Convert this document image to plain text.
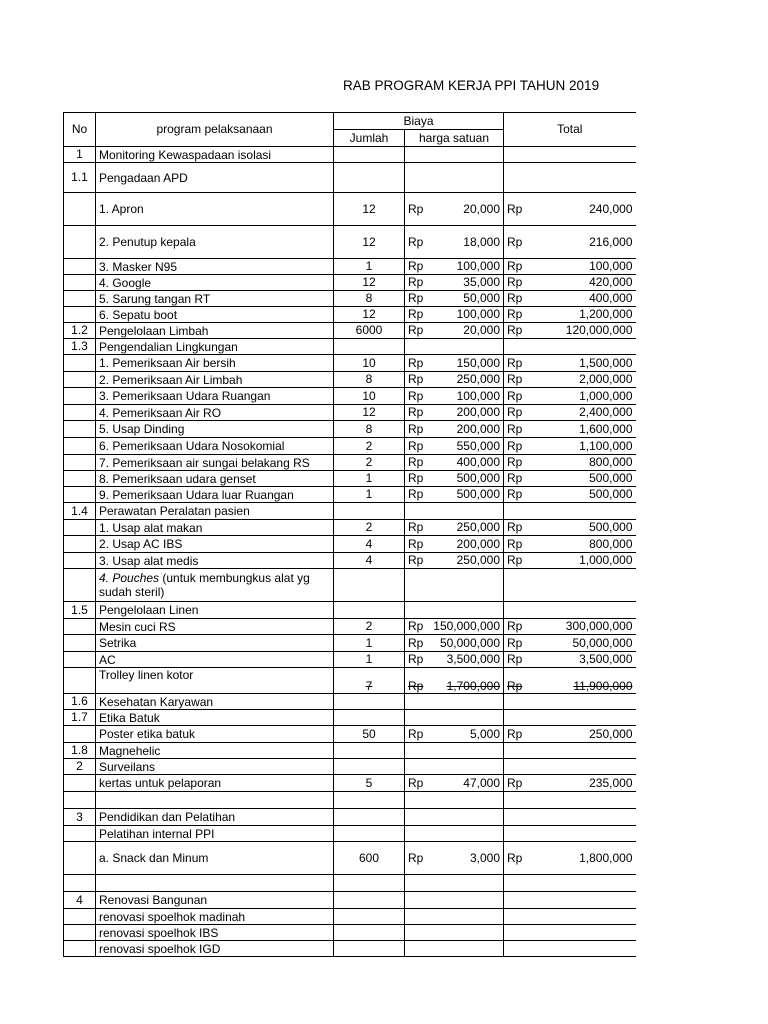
RAB PROGRAM KERJA PPI TAHUN 2019
No	program pelaksanaan	Biaya		Total
		Jumlah	harga satuan	
1	Monitoring Kewaspadaan isolasi		

1.1	Pengadaan APD		

	1. Apron	12	Rp 20,000	Rp 240,000

	2. Penutup kepala	12	Rp 18,000	Rp 216,000

	3. Masker N95	1	Rp 100,000	Rp 100,000

	4. Google	12	Rp 35,000	Rp 420,000

	5. Sarung tangan RT	8	Rp 50,000	Rp 400,000

	6. Sepatu boot	12	Rp 100,000	Rp 1,200,000

1.2	Pengelolaan Limbah	6000	Rp 20,000	Rp 120,000,000

1.3	Pengendalian Lingkungan		

	1. Pemeriksaan Air bersih	10	Rp 150,000	Rp 1,500,000

	2. Pemeriksaan Air Limbah	8	Rp 250,000	Rp 2,000,000

	3. Pemeriksaan Udara Ruangan	10	Rp 100,000	Rp 1,000,000

	4. Pemeriksaan Air RO	12	Rp 200,000	Rp 2,400,000

	5. Usap Dinding	8	Rp 200,000	Rp 1,600,000

	6. Pemeriksaan Udara Nosokomial	2	Rp 550,000	Rp 1,100,000

	7. Pemeriksaan air sungai belakang RS	2	Rp 400,000	Rp 800,000

	8. Pemeriksaan udara genset	1	Rp 500,000	Rp 500,000

	9. Pemeriksaan Udara luar Ruangan	1	Rp 500,000	Rp 500,000

1.4	Perawatan Peralatan pasien		

	1. Usap alat makan	2	Rp 250,000	Rp 500,000

	2. Usap AC IBS	4	Rp 200,000	Rp 800,000

	3. Usap alat medis	4	Rp 250,000	Rp 1,000,000

	4. Pouches (untuk membungkus alat yg sudah steril)		

1.5	Pengelolaan Linen		

	Mesin cuci RS	2	Rp 150,000,000	Rp 300,000,000

	Setrika	1	Rp 50,000,000	Rp 50,000,000

	AC	1	Rp 3,500,000	Rp 3,500,000

	Trolley linen kotor	7	Rp 1,700,000	Rp 11,900,000

1.6	Kesehatan Karyawan		

1.7	Etika Batuk		

	Poster etika batuk	50	Rp 5,000	Rp 250,000

1.8	Magnehelic		

2	Surveilans		

	kertas untuk pelaporan	5	Rp 47,000	Rp 235,000

3	Pendidikan dan Pelatihan		

	Pelatihan internal PPI		

	a. Snack dan Minum	600	Rp 3,000	Rp 1,800,000

4	Renovasi Bangunan		

	renovasi spoelhok madinah		

	renovasi spoelhok IBS		

	renovasi spoelhok IGD		
